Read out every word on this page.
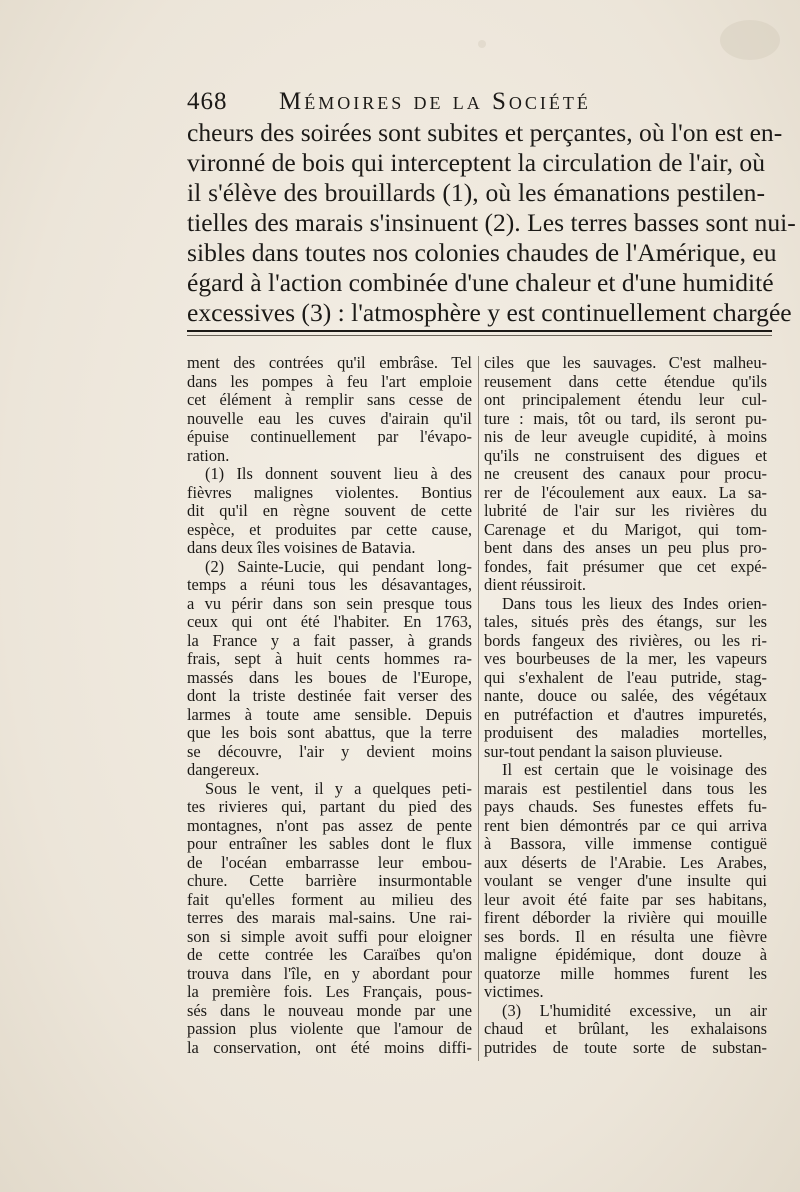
468 Mémoires de la Société
cheurs des soirées sont subites et perçantes, où l'on est en-
vironné de bois qui interceptent la circulation de l'air, où
il s'élève des brouillards (1), où les émanations pestilen-
tielles des marais s'insinuent (2). Les terres basses sont nui-
sibles dans toutes nos colonies chaudes de l'Amérique, eu
égard à l'action combinée d'une chaleur et d'une humidité
excessives (3) : l'atmosphère y est continuellement chargée
ment des contrées qu'il embrâse. Tel
dans les pompes à feu l'art emploie
cet élément à remplir sans cesse de
nouvelle eau les cuves d'airain qu'il
épuise continuellement par l'évapo-
ration.
(1) Ils donnent souvent lieu à des
fièvres malignes violentes. Bontius
dit qu'il en règne souvent de cette
espèce, et produites par cette cause,
dans deux îles voisines de Batavia.
(2) Sainte-Lucie, qui pendant long-
temps a réuni tous les désavantages,
a vu périr dans son sein presque tous
ceux qui ont été l'habiter. En 1763,
la France y a fait passer, à grands
frais, sept à huit cents hommes ra-
massés dans les boues de l'Europe,
dont la triste destinée fait verser des
larmes à toute ame sensible. Depuis
que les bois sont abattus, que la terre
se découvre, l'air y devient moins
dangereux.
Sous le vent, il y a quelques peti-
tes rivieres qui, partant du pied des
montagnes, n'ont pas assez de pente
pour entraîner les sables dont le flux
de l'océan embarrasse leur embou-
chure. Cette barrière insurmontable
fait qu'elles forment au milieu des
terres des marais mal-sains. Une rai-
son si simple avoit suffi pour eloigner
de cette contrée les Caraïbes qu'on
trouva dans l'île, en y abordant pour
la première fois. Les Français, pous-
sés dans le nouveau monde par une
passion plus violente que l'amour de
la conservation, ont été moins diffi-
ciles que les sauvages. C'est malheu-
reusement dans cette étendue qu'ils
ont principalement étendu leur cul-
ture : mais, tôt ou tard, ils seront pu-
nis de leur aveugle cupidité, à moins
qu'ils ne construisent des digues et
ne creusent des canaux pour procu-
rer de l'écoulement aux eaux. La sa-
lubrité de l'air sur les rivières du
Carenage et du Marigot, qui tom-
bent dans des anses un peu plus pro-
fondes, fait présumer que cet expé-
dient réussiroit.
Dans tous les lieux des Indes orien-
tales, situés près des étangs, sur les
bords fangeux des rivières, ou les ri-
ves bourbeuses de la mer, les vapeurs
qui s'exhalent de l'eau putride, stag-
nante, douce ou salée, des végétaux
en putréfaction et d'autres impuretés,
produisent des maladies mortelles,
sur-tout pendant la saison pluvieuse.
Il est certain que le voisinage des
marais est pestilentiel dans tous les
pays chauds. Ses funestes effets fu-
rent bien démontrés par ce qui arriva
à Bassora, ville immense contiguë
aux déserts de l'Arabie. Les Arabes,
voulant se venger d'une insulte qui
leur avoit été faite par ses habitans,
firent déborder la rivière qui mouille
ses bords. Il en résulta une fièvre
maligne épidémique, dont douze à
quatorze mille hommes furent les
victimes.
(3) L'humidité excessive, un air
chaud et brûlant, les exhalaisons
putrides de toute sorte de substan-
